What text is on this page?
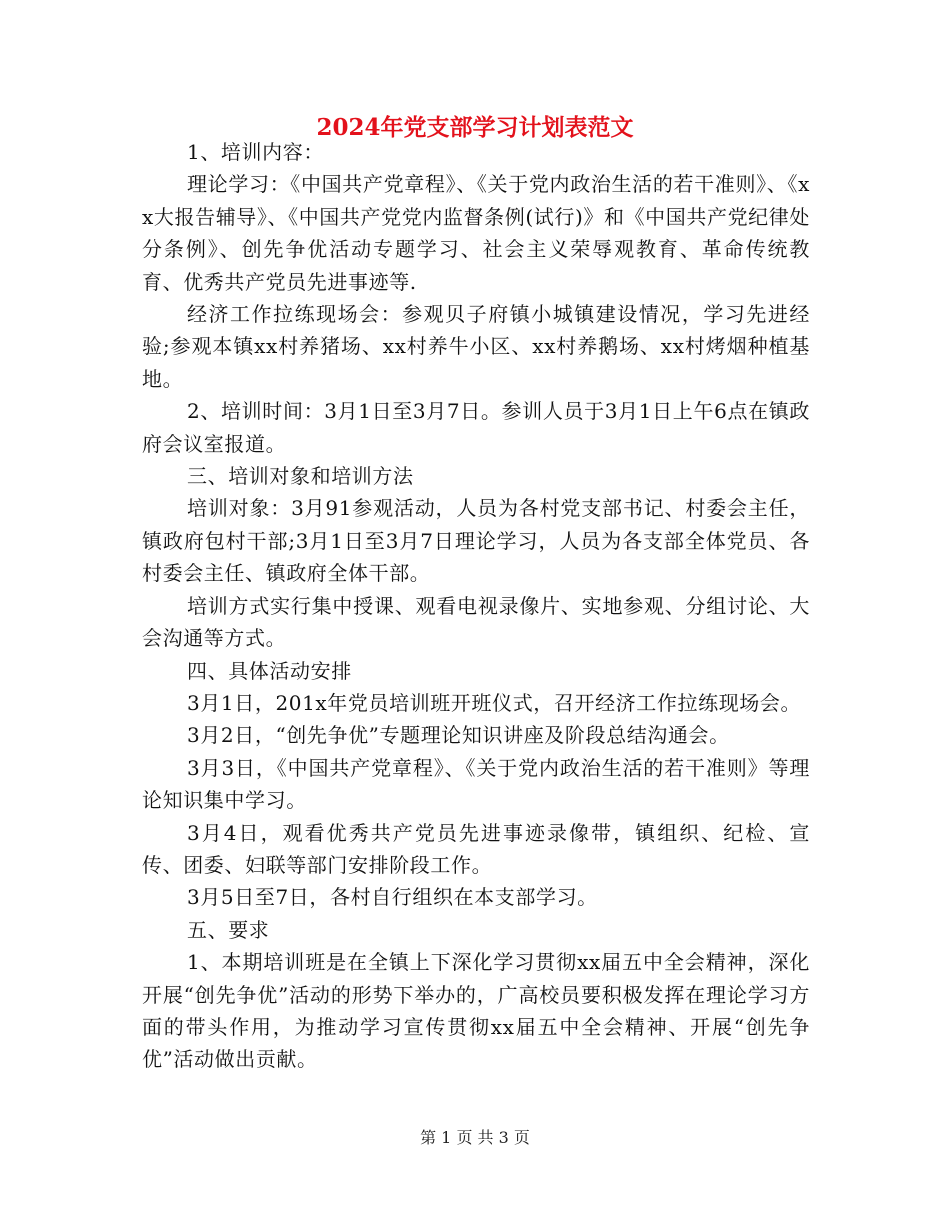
2024年党支部学习计划表范文

1、培训内容：

理论学习：《中国共产党章程》、《关于党内政治生活的若干准则》、《xx大报告辅导》、《中国共产党党内监督条例(试行)》和《中国共产党纪律处分条例》、创先争优活动专题学习、社会主义荣辱观教育、革命传统教育、优秀共产党员先进事迹等.

经济工作拉练现场会：参观贝子府镇小城镇建设情况，学习先进经验;参观本镇xx村养猪场、xx村养牛小区、xx村养鹅场、xx村烤烟种植基地。

2、培训时间：3月1日至3月7日。参训人员于3月1日上午6点在镇政府会议室报道。

三、培训对象和培训方法

培训对象：3月91参观活动，人员为各村党支部书记、村委会主任，镇政府包村干部;3月1日至3月7日理论学习，人员为各支部全体党员、各村委会主任、镇政府全体干部。

培训方式实行集中授课、观看电视录像片、实地参观、分组讨论、大会沟通等方式。

四、具体活动安排

3月1日，201x年党员培训班开班仪式，召开经济工作拉练现场会。

3月2日，“创先争优”专题理论知识讲座及阶段总结沟通会。

3月3日，《中国共产党章程》、《关于党内政治生活的若干准则》等理论知识集中学习。

3月4日，观看优秀共产党员先进事迹录像带，镇组织、纪检、宣传、团委、妇联等部门安排阶段工作。

3月5日至7日，各村自行组织在本支部学习。

五、要求

1、本期培训班是在全镇上下深化学习贯彻xx届五中全会精神，深化开展“创先争优”活动的形势下举办的，广高校员要积极发挥在理论学习方面的带头作用，为推动学习宣传贯彻xx届五中全会精神、开展“创先争优”活动做出贡献。

第 1 页 共 3 页
